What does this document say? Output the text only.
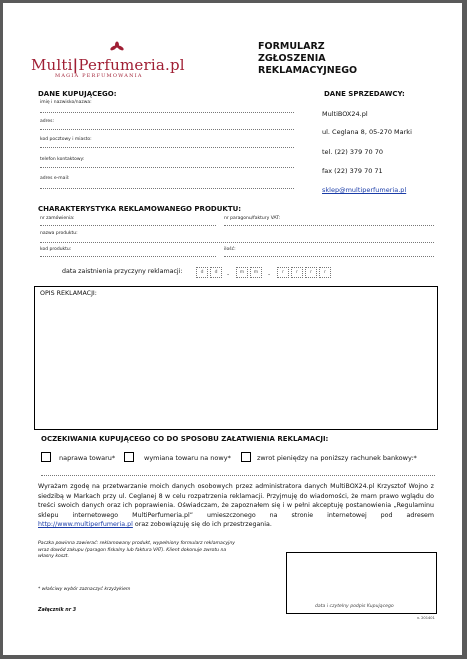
Multi|Perfumeria.pl
MAGIA PERFUMOWANIA
FORMULARZ
ZGŁOSZENIA
REKLAMACYJNEGO
DANE KUPUJĄCEGO:
imię i nazwisko/nazwa:
adres:
kod pocztowy i miasto:
telefon kontaktowy:
adres e-mail:
DANE SPRZEDAWCY:
MultiBOX24.pl
ul. Ceglana 8, 05-270 Marki
tel. (22) 379 70 70
fax (22) 379 70 71
sklep@multiperfumeria.pl
CHARAKTERYSTYKA REKLAMOWANEGO PRODUKTU:
nr zamówienia:	nr paragonu/faktury VAT:
nazwa produktu:
kod produktu:	ilość:
data zaistnienia przyczyny reklamacji:	d	d	-	m	m	-	r	r	r	r
OPIS REKLAMACJI:
OCZEKIWANIA KUPUJĄCEGO CO DO SPOSOBU ZAŁATWIENIA REKLAMACJI:
naprawa towaru*	wymiana towaru na nowy*	zwrot pieniędzy na poniższy rachunek bankowy:*
Wyrażam zgodę na przetwarzanie moich danych osobowych przez administratora danych MultiBOX24.pl Krzysztof Wojno z siedzibą w Markach przy ul. Ceglanej 8 w celu rozpatrzenia reklamacji. Przyjmuję do wiadomości, że mam prawo wglądu do treści swoich danych oraz ich poprawienia. Oświadczam, że zapoznałem się i w pełni akceptuję postanowienia „Regulaminu sklepu internetowego MultiPerfumeria.pl” umieszczonego na stronie internetowej pod adresem http://www.multiperfumeria.pl oraz zobowiązuję się do ich przestrzegania.
Paczka powinna zawierać: reklamowany produkt, wypełniony formularz reklamacyjny wraz dowód zakupu (paragon fiskalny lub faktura VAT). Klient dokonuje zwrotu na własny koszt.
* właściwy wybór zaznaczyć krzyżykiem
Załącznik nr 3
data i czytelny podpis Kupującego
v. 201401
